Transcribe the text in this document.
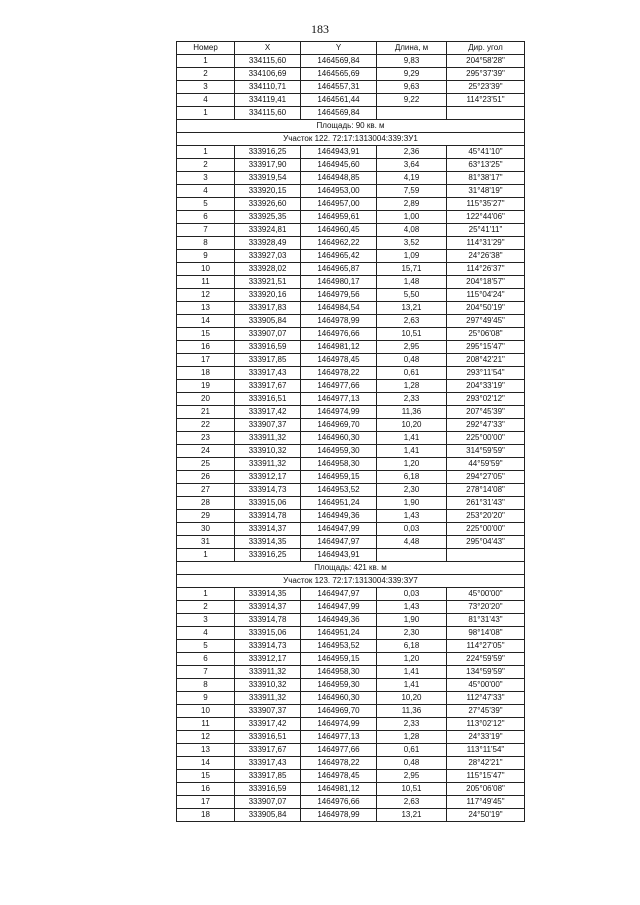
183
Номер	X	Y	Длина, м	Дир. угол
1	334115,60	1464569,84	9,83	204°58'28"
2	334106,69	1464565,69	9,29	295°37'39"
3	334110,71	1464557,31	9,63	25°23'39"
4	334119,41	1464561,44	9,22	114°23'51"
1	334115,60	1464569,84		
Площадь: 90 кв. м				
Участок 122. 72:17:1313004:339:ЗУ1				
1	333916,25	1464943,91	2,36	45°41'10"
2	333917,90	1464945,60	3,64	63°13'25"
3	333919,54	1464948,85	4,19	81°38'17"
4	333920,15	1464953,00	7,59	31°48'19"
5	333926,60	1464957,00	2,89	115°35'27"
6	333925,35	1464959,61	1,00	122°44'06"
7	333924,81	1464960,45	4,08	25°41'11"
8	333928,49	1464962,22	3,52	114°31'29"
9	333927,03	1464965,42	1,09	24°26'38"
10	333928,02	1464965,87	15,71	114°26'37"
11	333921,51	1464980,17	1,48	204°18'57"
12	333920,16	1464979,56	5,50	115°04'24"
13	333917,83	1464984,54	13,21	204°50'19"
14	333905,84	1464978,99	2,63	297°49'45"
15	333907,07	1464976,66	10,51	25°06'08"
16	333916,59	1464981,12	2,95	295°15'47"
17	333917,85	1464978,45	0,48	208°42'21"
18	333917,43	1464978,22	0,61	293°11'54"
19	333917,67	1464977,66	1,28	204°33'19"
20	333916,51	1464977,13	2,33	293°02'12"
21	333917,42	1464974,99	11,36	207°45'39"
22	333907,37	1464969,70	10,20	292°47'33"
23	333911,32	1464960,30	1,41	225°00'00"
24	333910,32	1464959,30	1,41	314°59'59"
25	333911,32	1464958,30	1,20	44°59'59"
26	333912,17	1464959,15	6,18	294°27'05"
27	333914,73	1464953,52	2,30	278°14'08"
28	333915,06	1464951,24	1,90	261°31'43"
29	333914,78	1464949,36	1,43	253°20'20"
30	333914,37	1464947,99	0,03	225°00'00"
31	333914,35	1464947,97	4,48	295°04'43"
1	333916,25	1464943,91		
Площадь: 421 кв. м				
Участок 123. 72:17:1313004:339:ЗУ7				
1	333914,35	1464947,97	0,03	45°00'00"
2	333914,37	1464947,99	1,43	73°20'20"
3	333914,78	1464949,36	1,90	81°31'43"
4	333915,06	1464951,24	2,30	98°14'08"
5	333914,73	1464953,52	6,18	114°27'05"
6	333912,17	1464959,15	1,20	224°59'59"
7	333911,32	1464958,30	1,41	134°59'59"
8	333910,32	1464959,30	1,41	45°00'00"
9	333911,32	1464960,30	10,20	112°47'33"
10	333907,37	1464969,70	11,36	27°45'39"
11	333917,42	1464974,99	2,33	113°02'12"
12	333916,51	1464977,13	1,28	24°33'19"
13	333917,67	1464977,66	0,61	113°11'54"
14	333917,43	1464978,22	0,48	28°42'21"
15	333917,85	1464978,45	2,95	115°15'47"
16	333916,59	1464981,12	10,51	205°06'08"
17	333907,07	1464976,66	2,63	117°49'45"
18	333905,84	1464978,99	13,21	24°50'19"
